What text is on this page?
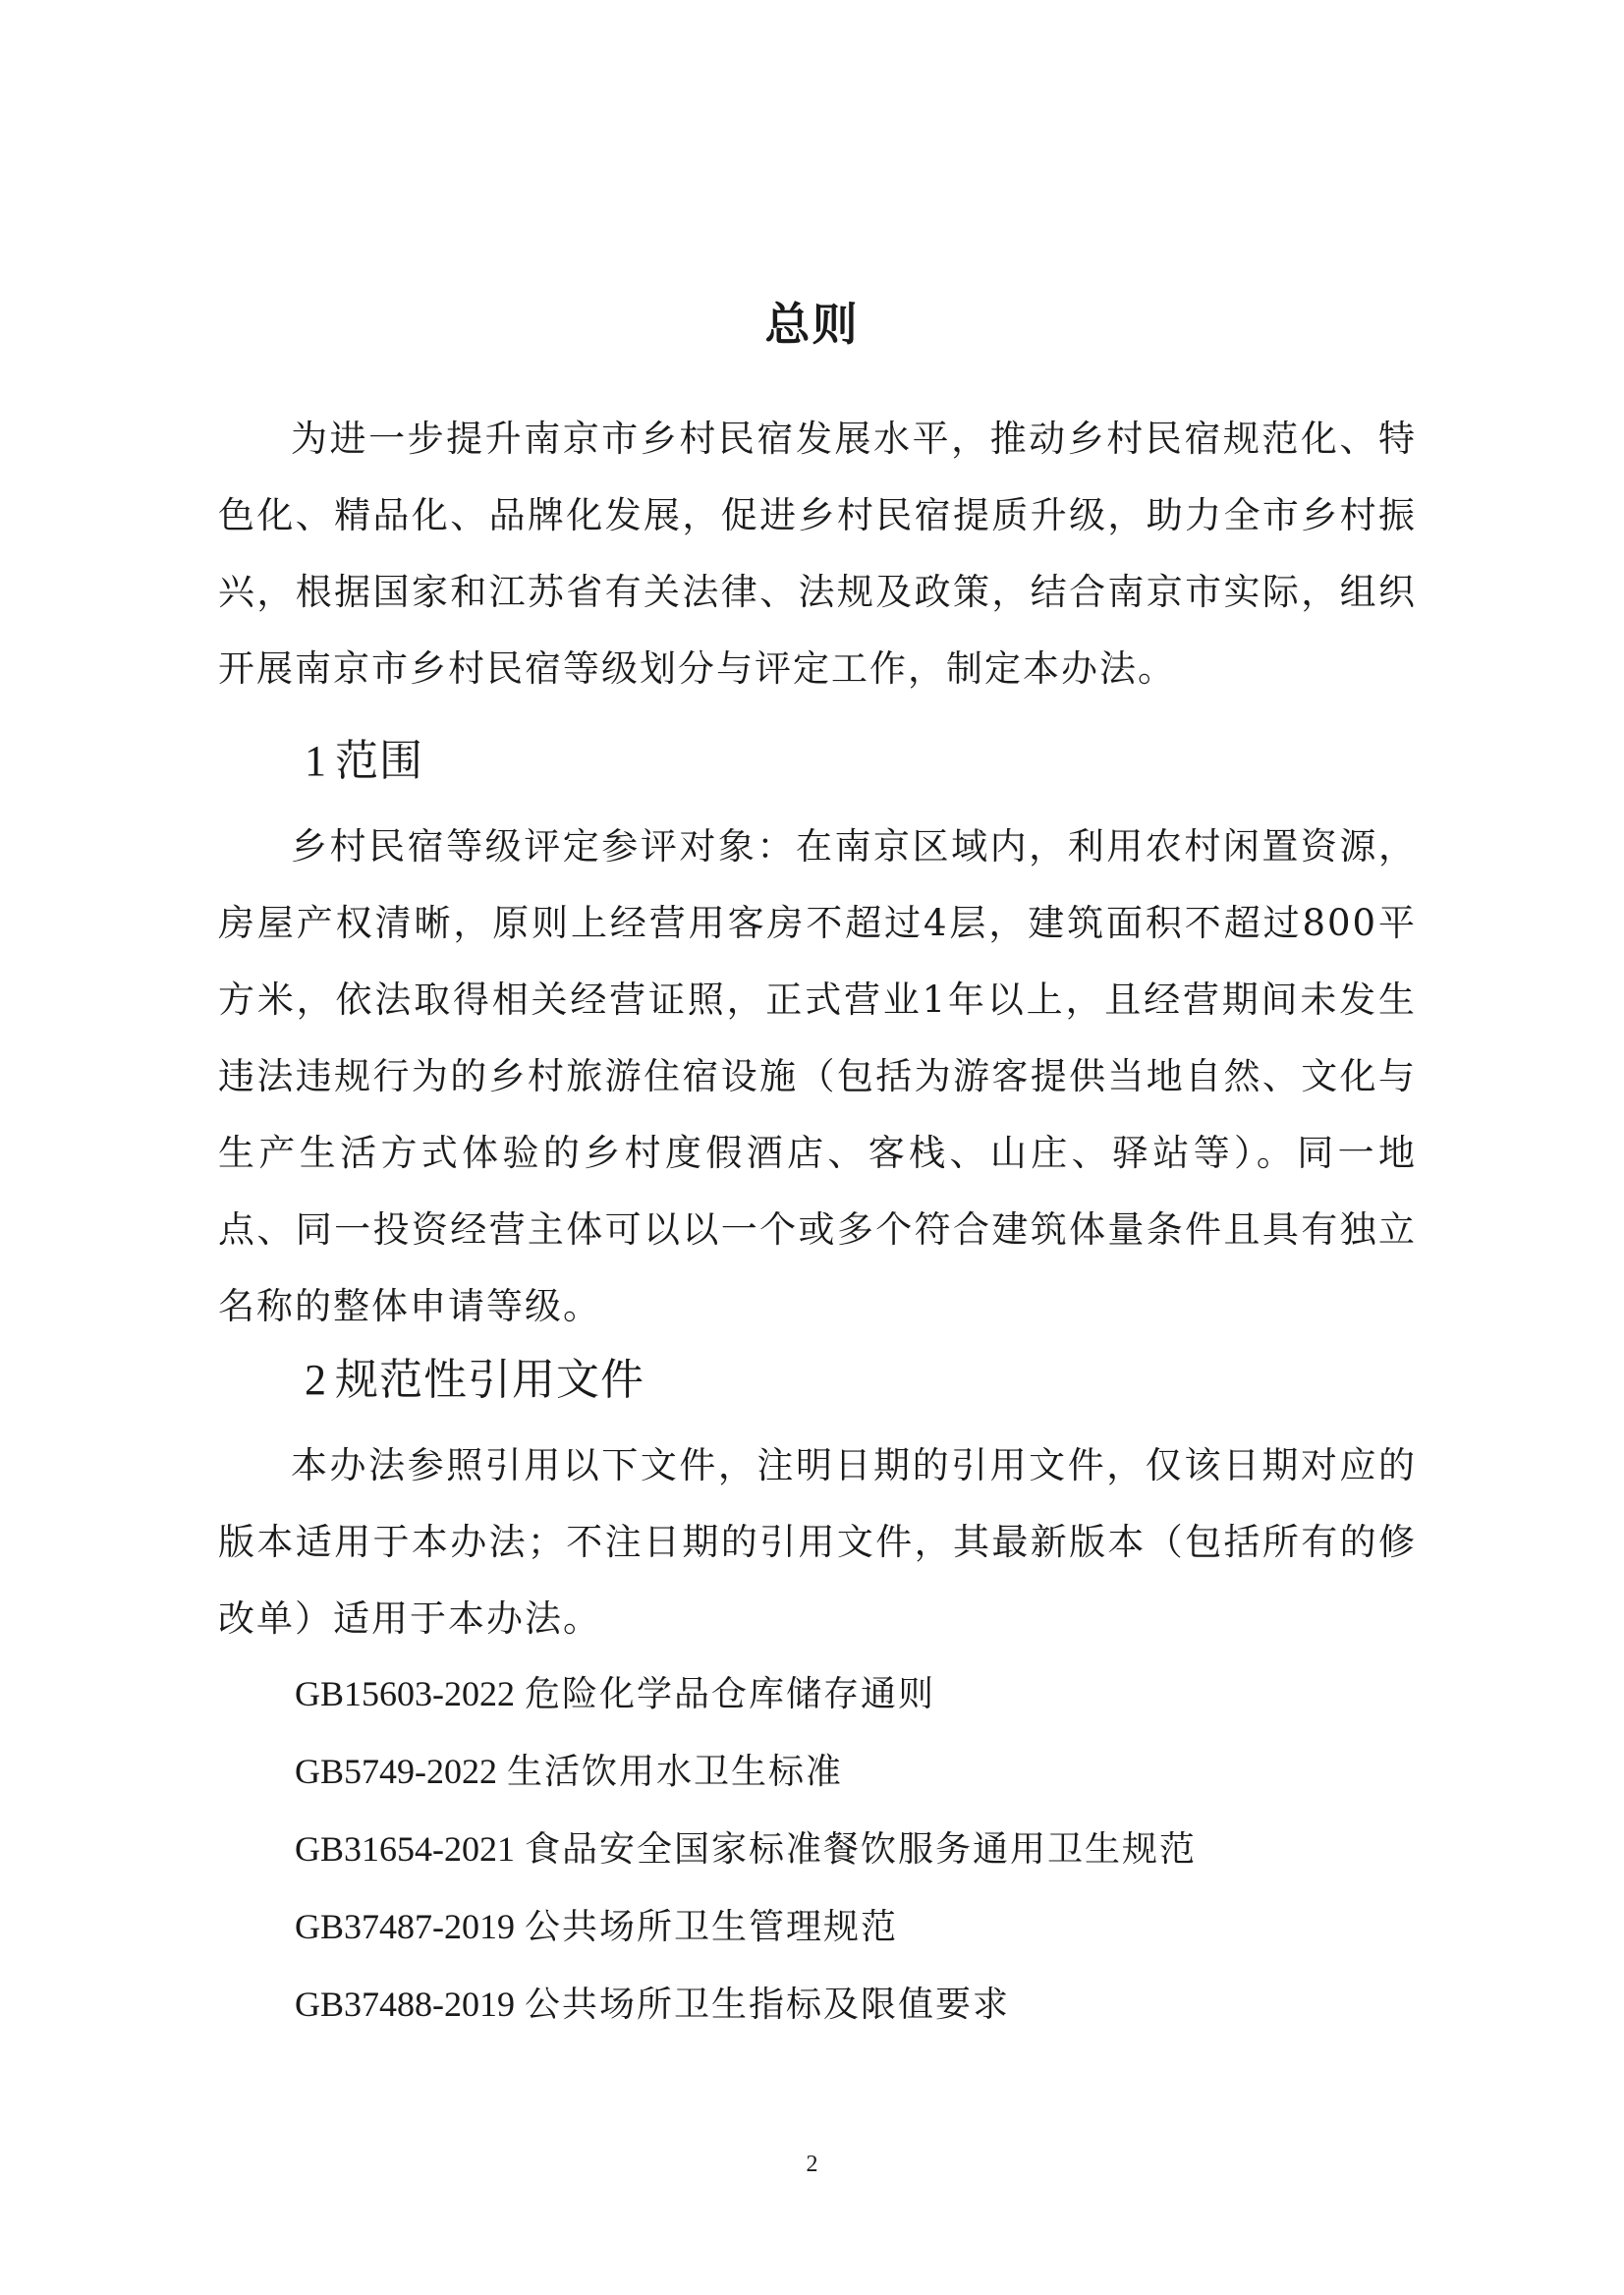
总则

为进一步提升南京市乡村民宿发展水平，推动乡村民宿规范化、特色化、精品化、品牌化发展，促进乡村民宿提质升级，助力全市乡村振兴，根据国家和江苏省有关法律、法规及政策，结合南京市实际，组织开展南京市乡村民宿等级划分与评定工作，制定本办法。

1 范围

乡村民宿等级评定参评对象：在南京区域内，利用农村闲置资源，房屋产权清晰，原则上经营用客房不超过4层，建筑面积不超过800平方米，依法取得相关经营证照，正式营业1年以上，且经营期间未发生违法违规行为的乡村旅游住宿设施（包括为游客提供当地自然、文化与生产生活方式体验的乡村度假酒店、客栈、山庄、驿站等）。同一地点、同一投资经营主体可以以一个或多个符合建筑体量条件且具有独立名称的整体申请等级。

2 规范性引用文件

本办法参照引用以下文件，注明日期的引用文件，仅该日期对应的版本适用于本办法；不注日期的引用文件，其最新版本（包括所有的修改单）适用于本办法。

GB15603-2022 危险化学品仓库储存通则
GB5749-2022 生活饮用水卫生标准
GB31654-2021 食品安全国家标准餐饮服务通用卫生规范
GB37487-2019 公共场所卫生管理规范
GB37488-2019 公共场所卫生指标及限值要求
2
